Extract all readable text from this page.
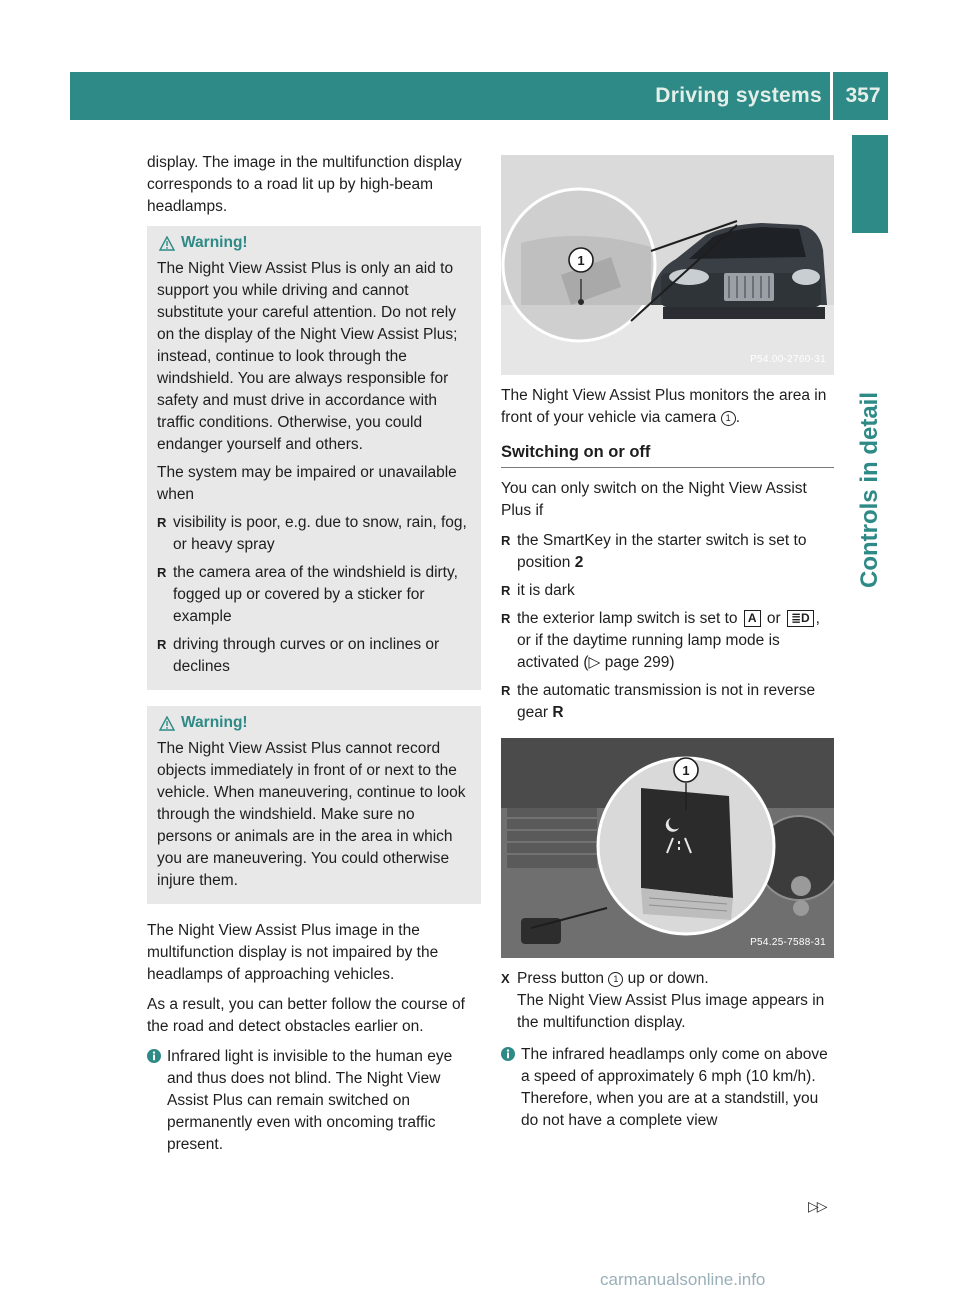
Driving systems	357
Controls in detail

display. The image in the multifunction display corresponds to a road lit up by high-beam headlamps.

Warning!

The Night View Assist Plus is only an aid to support you while driving and cannot substitute your careful attention. Do not rely on the display of the Night View Assist Plus; instead, continue to look through the windshield. You are always responsible for safety and must drive in accordance with traffic conditions. Otherwise, you could endanger yourself and others.

The system may be impaired or unavailable when

R visibility is poor, e.g. due to snow, rain, fog, or heavy spray
R the camera area of the windshield is dirty, fogged up or covered by a sticker for example
R driving through curves or on inclines or declines
Warning!

The Night View Assist Plus cannot record objects immediately in front of or next to the vehicle. When maneuvering, continue to look through the windshield. Make sure no persons or animals are in the area in which you are maneuvering. You could otherwise injure them.

The Night View Assist Plus image in the multifunction display is not impaired by the headlamps of approaching vehicles.

As a result, you can better follow the course of the road and detect obstacles earlier on.

Infrared light is invisible to the human eye and thus does not blind. The Night View Assist Plus can remain switched on permanently even with oncoming traffic present.
1
P54.00-2760-31

The Night View Assist Plus monitors the area in front of your vehicle via camera 1 .

Switching on or off

You can only switch on the Night View Assist Plus if

R the SmartKey in the starter switch is set to position 2
R it is dark
R the exterior lamp switch is set to A or ≣D , or if the daytime running lamp mode is activated (▷ page 299)
R the automatic transmission is not in reverse gear R
1
P54.25-7588-31
X Press button 1 up or down.
The Night View Assist Plus image appears in the multifunction display.
The infrared headlamps only come on above a speed of approximately 6 mph (10 km/h). Therefore, when you are at a standstill, you do not have a complete view
▷▷
carmanualsonline.info
